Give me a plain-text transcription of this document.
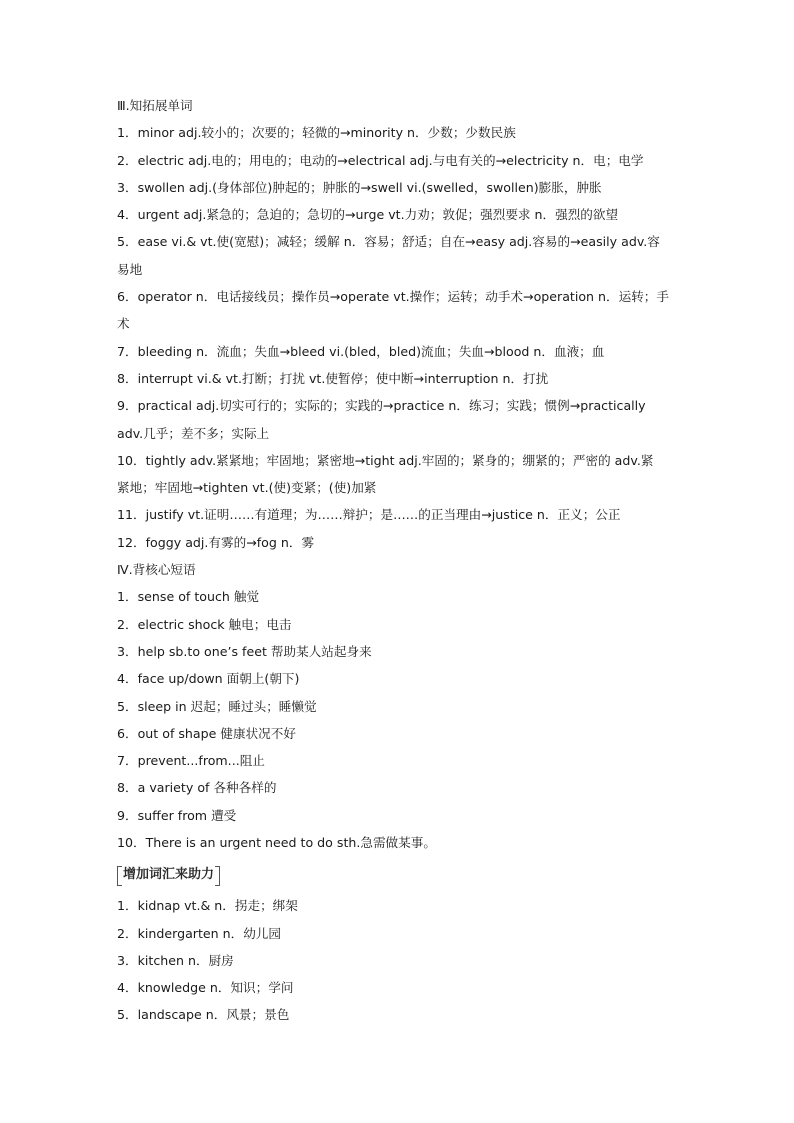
Ⅲ.知拓展单词
1．minor adj.较小的；次要的；轻微的→minority n．少数；少数民族
2．electric adj.电的；用电的；电动的→electrical adj.与电有关的→electricity n．电；电学
3．swollen adj.(身体部位)肿起的；肿胀的→swell vi.(swelled，swollen)膨胀，肿胀
4．urgent adj.紧急的；急迫的；急切的→urge vt.力劝；敦促；强烈要求 n．强烈的欲望
5．ease vi.& vt.使(宽慰)；减轻；缓解 n．容易；舒适；自在→easy adj.容易的→easily adv.容
易地
6．operator n．电话接线员；操作员→operate vt.操作；运转；动手术→operation n．运转；手
术
7．bleeding n．流血；失血→bleed vi.(bled，bled)流血；失血→blood n．血液；血
8．interrupt vi.& vt.打断；打扰 vt.使暂停；使中断→interruption n．打扰
9．practical adj.切实可行的；实际的；实践的→practice n．练习；实践；惯例→practically
adv.几乎；差不多；实际上
10．tightly adv.紧紧地；牢固地；紧密地→tight adj.牢固的；紧身的；绷紧的；严密的 adv.紧
紧地；牢固地→tighten vt.(使)变紧；(使)加紧
11．justify vt.证明……有道理；为……辩护；是……的正当理由→justice n．正义；公正
12．foggy adj.有雾的→fog n．雾
Ⅳ.背核心短语
1．sense of touch 触觉
2．electric shock 触电；电击
3．help sb.to one’s feet 帮助某人站起身来
4．face up/down 面朝上(朝下)
5．sleep in 迟起；睡过头；睡懒觉
6．out of shape 健康状况不好
7．prevent...from...阻止
8．a variety of 各种各样的
9．suffer from 遭受
10．There is an urgent need to do sth.急需做某事。
增加词汇来助力
1．kidnap vt.& n．拐走；绑架
2．kindergarten n．幼儿园
3．kitchen n．厨房
4．knowledge n．知识；学问
5．landscape n．风景；景色
